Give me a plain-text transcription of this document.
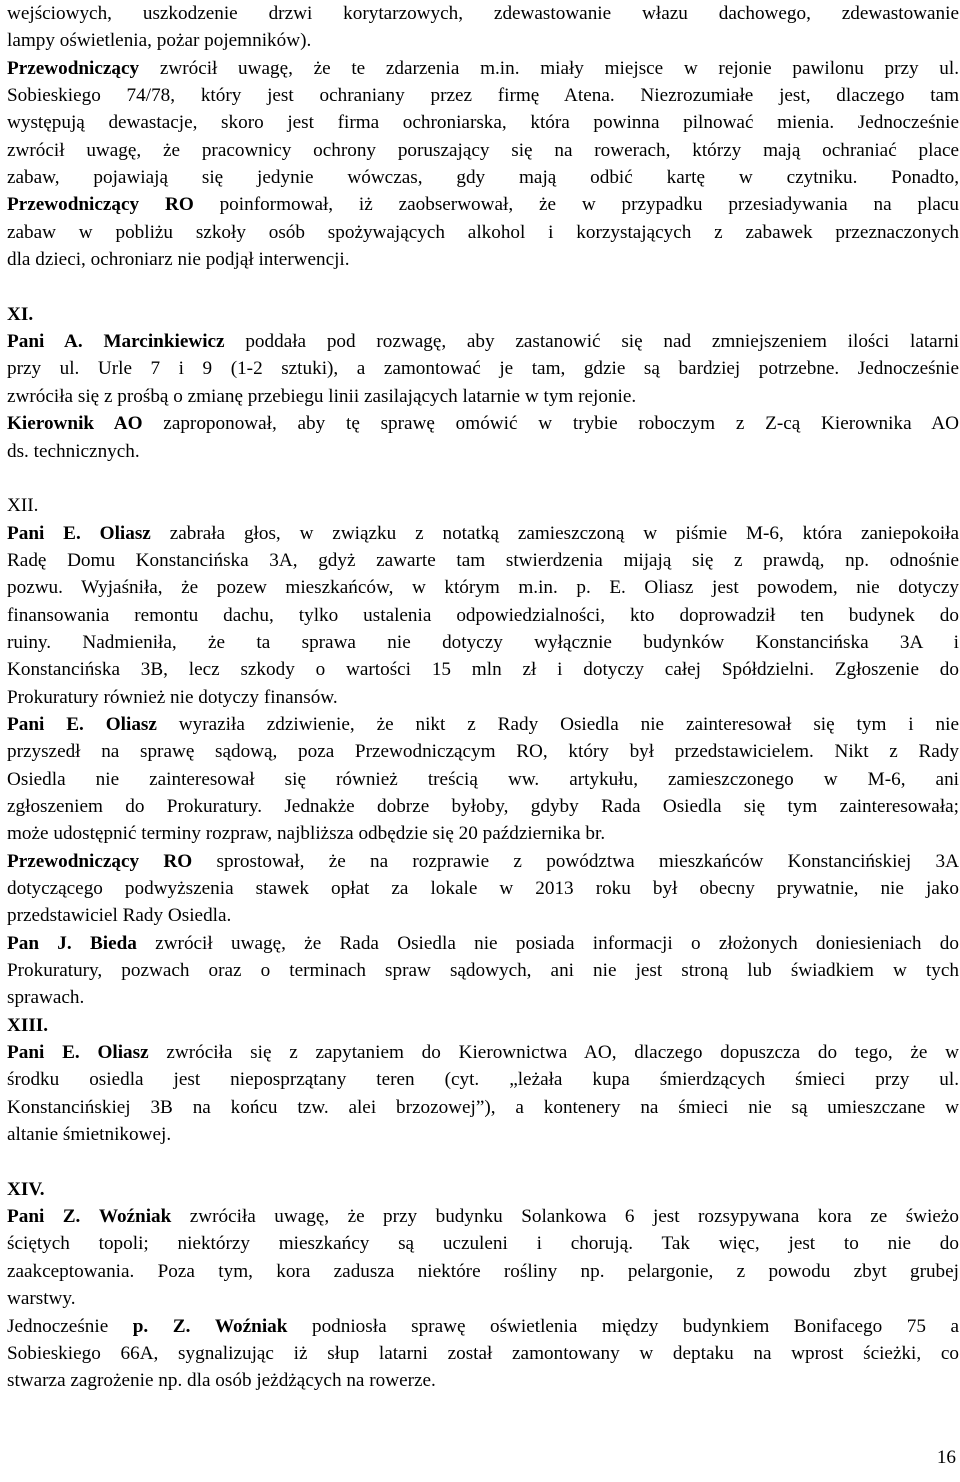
wejściowych, uszkodzenie drzwi korytarzowych, zdewastowanie włazu dachowego, zdewastowanie
lampy oświetlenia, pożar pojemników).
Przewodniczący zwrócił uwagę, że te zdarzenia m.in. miały miejsce w rejonie pawilonu przy ul.
Sobieskiego 74/78, który jest ochraniany przez firmę Atena. Niezrozumiałe jest, dlaczego tam
występują dewastacje, skoro jest firma ochroniarska, która powinna pilnować mienia. Jednocześnie
zwrócił uwagę, że pracownicy ochrony poruszający się na rowerach, którzy mają ochraniać place
zabaw, pojawiają się jedynie wówczas, gdy mają odbić kartę w czytniku. Ponadto,
Przewodniczący RO poinformował, iż zaobserwował, że w przypadku przesiadywania na placu
zabaw w pobliżu szkoły osób spożywających alkohol i korzystających z zabawek przeznaczonych
dla dzieci, ochroniarz nie podjął interwencji.
XI.
Pani A. Marcinkiewicz poddała pod rozwagę, aby zastanowić się nad zmniejszeniem ilości latarni
przy ul. Urle 7 i 9 (1-2 sztuki), a zamontować je tam, gdzie są bardziej potrzebne. Jednocześnie
zwróciła się z prośbą o zmianę przebiegu linii zasilających latarnie w tym rejonie.
Kierownik AO zaproponował, aby tę sprawę omówić w trybie roboczym z Z-cą Kierownika AO
ds. technicznych.
XII.
Pani E. Oliasz zabrała głos, w związku z notatką zamieszczoną w piśmie M-6, która zaniepokoiła
Radę Domu Konstancińska 3A, gdyż zawarte tam stwierdzenia mijają się z prawdą, np. odnośnie
pozwu. Wyjaśniła, że pozew mieszkańców, w którym m.in. p. E. Oliasz jest powodem, nie dotyczy
finansowania remontu dachu, tylko ustalenia odpowiedzialności, kto doprowadził ten budynek do
ruiny. Nadmieniła, że ta sprawa nie dotyczy wyłącznie budynków Konstancińska 3A i
Konstancińska 3B, lecz szkody o wartości 15 mln zł i dotyczy całej Spółdzielni. Zgłoszenie do
Prokuratury również nie dotyczy finansów.
Pani E. Oliasz wyraziła zdziwienie, że nikt z Rady Osiedla nie zainteresował się tym i nie
przyszedł na sprawę sądową, poza Przewodniczącym RO, który był przedstawicielem. Nikt z Rady
Osiedla nie zainteresował się również treścią ww. artykułu, zamieszczonego w M-6, ani
zgłoszeniem do Prokuratury. Jednakże dobrze byłoby, gdyby Rada Osiedla się tym zainteresowała;
może udostępnić terminy rozpraw, najbliższa odbędzie się 20 października br.
Przewodniczący RO sprostował, że na rozprawie z powództwa mieszkańców Konstancińskiej 3A
dotyczącego podwyższenia stawek opłat za lokale w 2013 roku był obecny prywatnie, nie jako
przedstawiciel Rady Osiedla.
Pan J. Bieda zwrócił uwagę, że Rada Osiedla nie posiada informacji o złożonych doniesieniach do
Prokuratury, pozwach oraz o terminach spraw sądowych, ani nie jest stroną lub świadkiem w tych
sprawach.
XIII.
Pani E. Oliasz zwróciła się z zapytaniem do Kierownictwa AO, dlaczego dopuszcza do tego, że w
środku osiedla jest nieposprzątany teren (cyt. „leżała kupa śmierdzących śmieci przy ul.
Konstancińskiej 3B na końcu tzw. alei brzozowej”), a kontenery na śmieci nie są umieszczane w
altanie śmietnikowej.
XIV.
Pani Z. Woźniak zwróciła uwagę, że przy budynku Solankowa 6 jest rozsypywana kora ze świeżo
ściętych topoli; niektórzy mieszkańcy są uczuleni i chorują. Tak więc, jest to nie do
zaakceptowania. Poza tym, kora zadusza niektóre rośliny np. pelargonie, z powodu zbyt grubej
warstwy.
Jednocześnie p. Z. Woźniak podniosła sprawę oświetlenia między budynkiem Bonifacego 75 a
Sobieskiego 66A, sygnalizując iż słup latarni został zamontowany w deptaku na wprost ścieżki, co
stwarza zagrożenie np. dla osób jeżdżących na rowerze.
16
